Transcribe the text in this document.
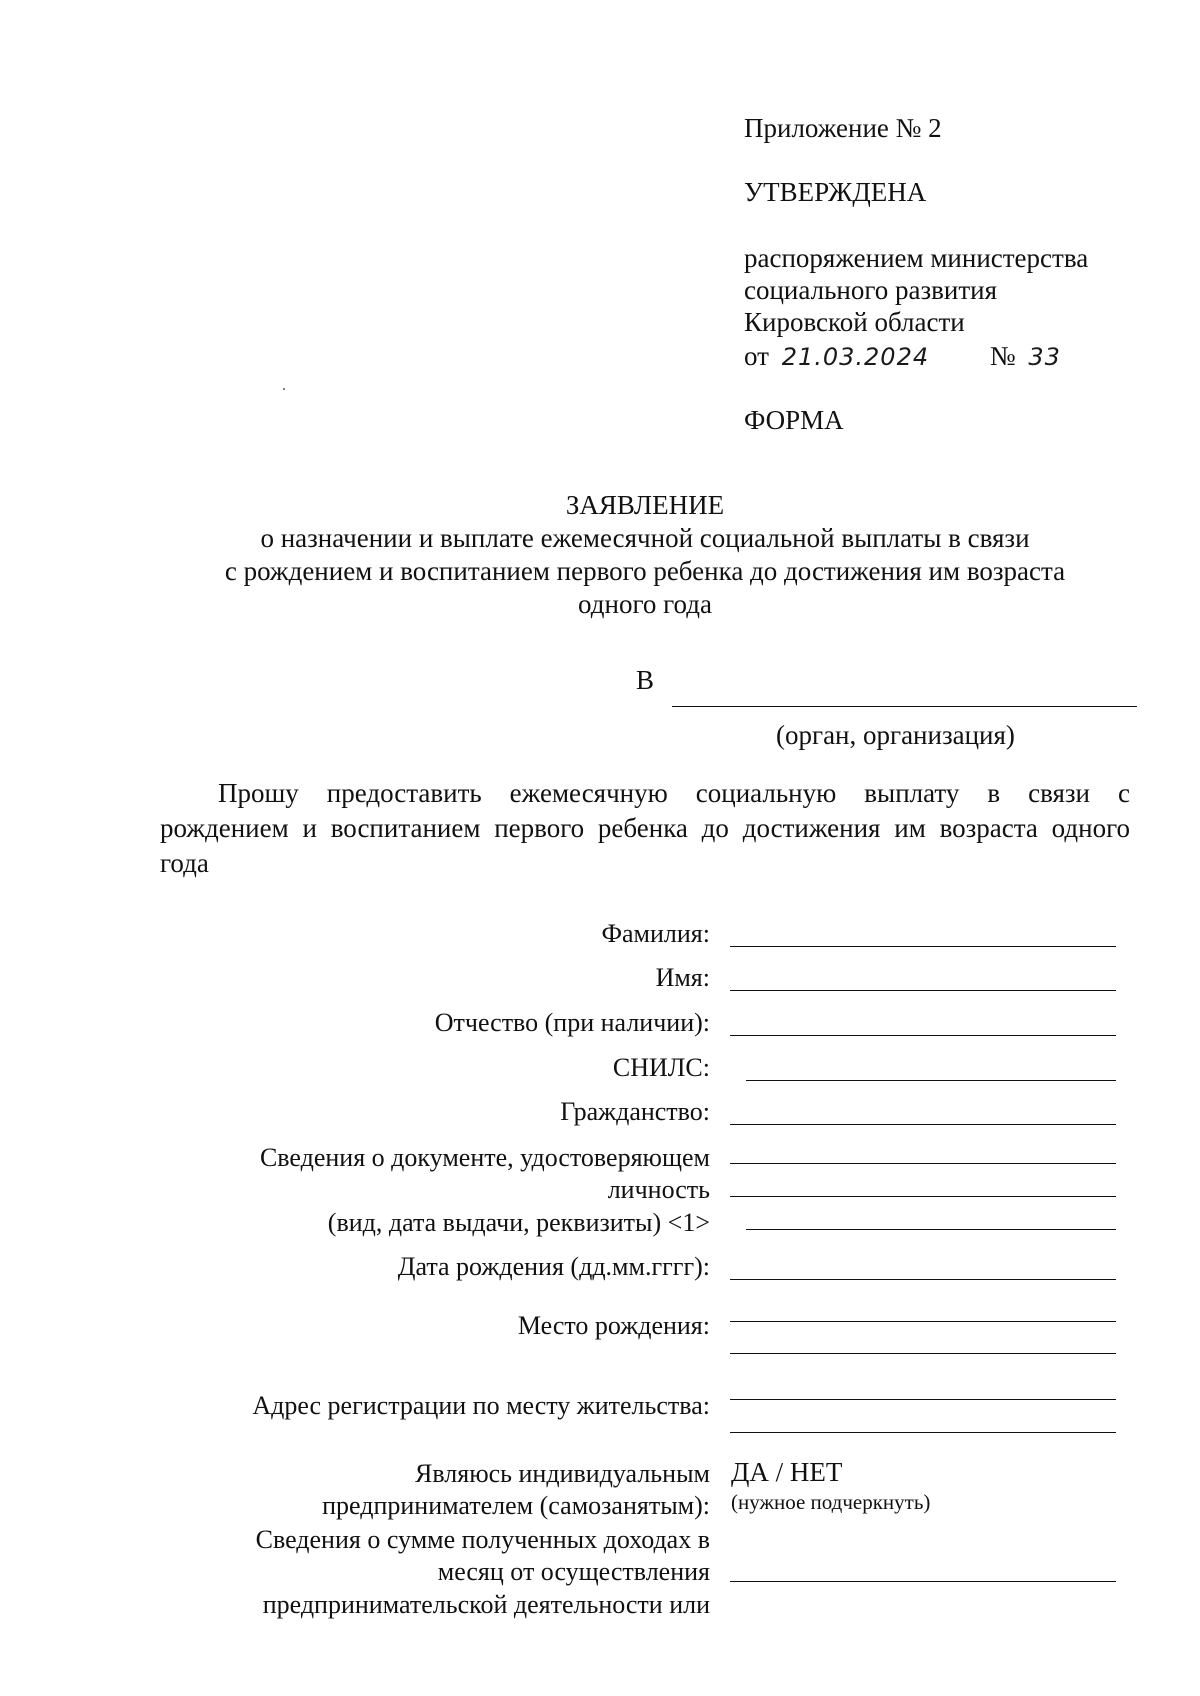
Приложение № 2
УТВЕРЖДЕНА
распоряжением министерства
социального развития
Кировской области
от 21.03.2024 № 33
ФОРМА
ЗАЯВЛЕНИЕ
о назначении и выплате ежемесячной социальной выплаты в связи
с рождением и воспитанием первого ребенка до достижения им возраста
одного года
В
(орган, организация)
Прошу предоставить ежемесячную социальную выплату в связи с рождением и воспитанием первого ребенка до достижения им возраста одного года
Фамилия:
Имя:
Отчество (при наличии):
СНИЛС:
Гражданство:
Сведения о документе, удостоверяющем
личность
(вид, дата выдачи, реквизиты) <1>
Дата рождения (дд.мм.гггг):
Место рождения:
Адрес регистрации по месту жительства:
Являюсь индивидуальным
предпринимателем (самозанятым):
ДА / НЕТ
(нужное подчеркнуть)
Сведения о сумме полученных доходах в
месяц от осуществления
предпринимательской деятельности или
